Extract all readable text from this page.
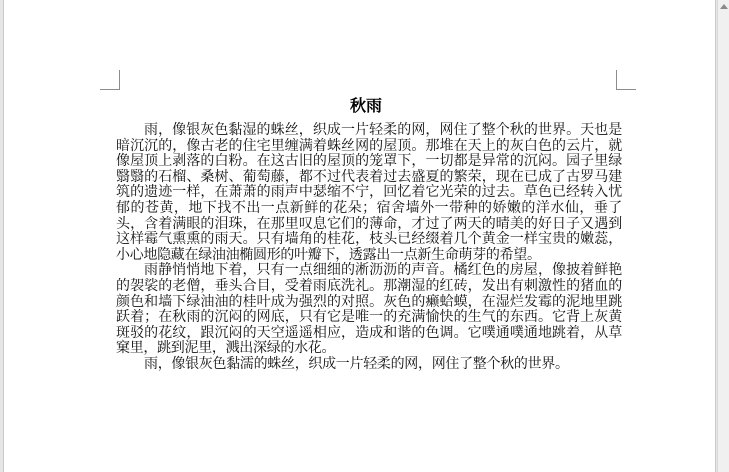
秋雨

雨，像银灰色黏湿的蛛丝，织成一片轻柔的网，网住了整个秋的世界。天也是暗沉沉的，像古老的住宅里缠满着蛛丝网的屋顶。那堆在天上的灰白色的云片，就像屋顶上剥落的白粉。在这古旧的屋顶的笼罩下，一切都是异常的沉闷。园子里绿翳翳的石榴、桑树、葡萄藤，都不过代表着过去盛夏的繁荣，现在已成了古罗马建筑的遗迹一样，在萧萧的雨声中瑟缩不宁，回忆着它光荣的过去。草色已经转入忧郁的苍黄，地下找不出一点新鲜的花朵；宿舍墙外一带种的娇嫩的洋水仙，垂了头，含着满眼的泪珠，在那里叹息它们的薄命，才过了两天的晴美的好日子又遇到这样霉气熏熏的雨天。只有墙角的桂花，枝头已经缀着几个黄金一样宝贵的嫩蕊，小心地隐藏在绿油油椭圆形的叶瓣下，透露出一点新生命萌芽的希望。

雨静悄悄地下着，只有一点细细的淅沥沥的声音。橘红色的房屋，像披着鲜艳的袈裟的老僧，垂头合目，受着雨底洗礼。那潮湿的红砖，发出有刺激性的猪血的颜色和墙下绿油油的桂叶成为强烈的对照。灰色的癞蛤蟆，在湿烂发霉的泥地里跳跃着；在秋雨的沉闷的网底，只有它是唯一的充满愉快的生气的东西。它背上灰黄斑驳的花纹，跟沉闷的天空遥遥相应，造成和谐的色调。它噗通噗通地跳着，从草窠里，跳到泥里，溅出深绿的水花。

雨，像银灰色黏濡的蛛丝，织成一片轻柔的网，网住了整个秋的世界。
